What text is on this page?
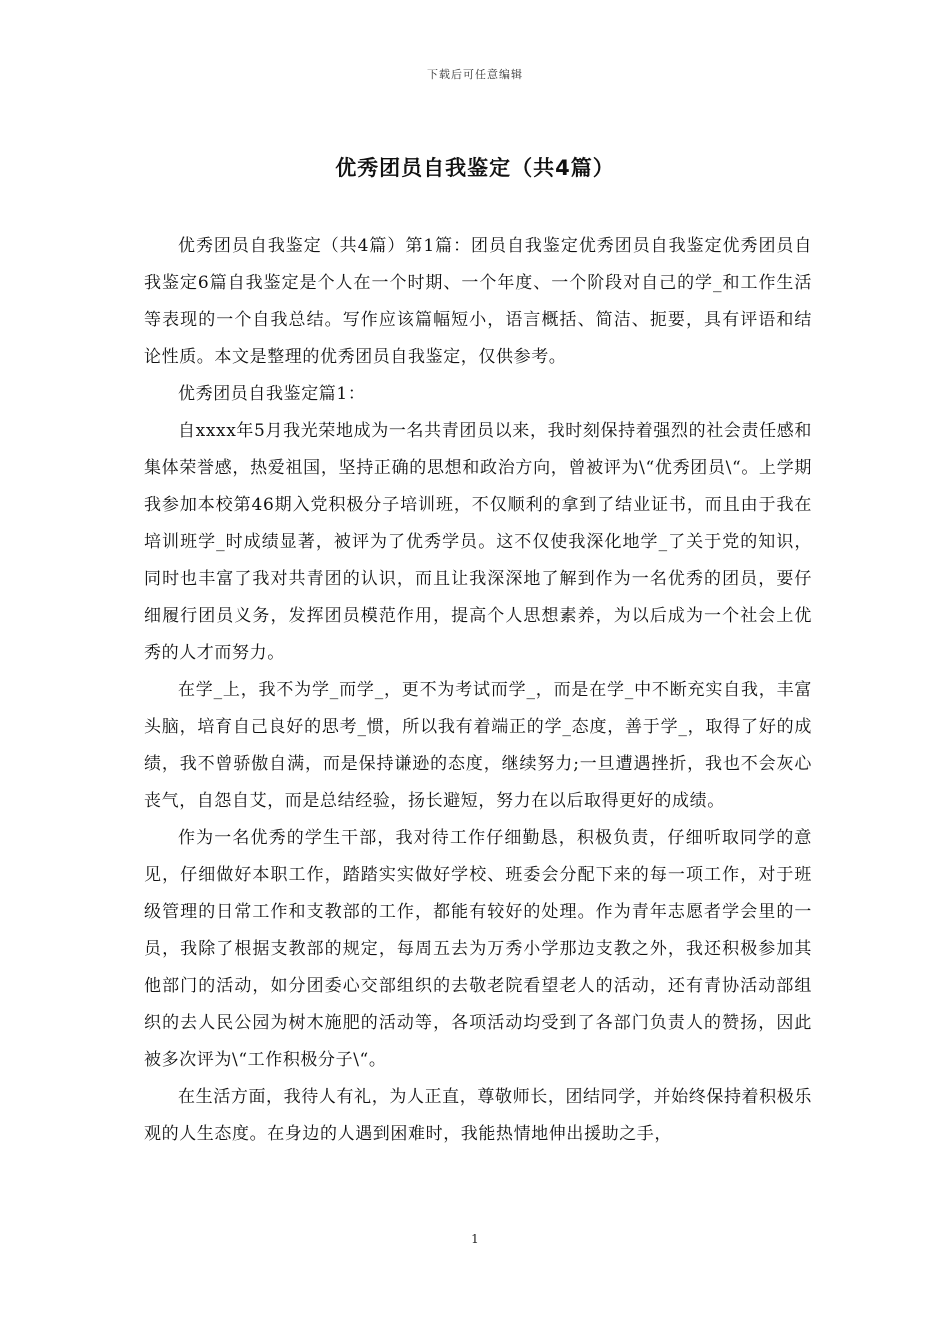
下载后可任意编辑
优秀团员自我鉴定（共4篇）

优秀团员自我鉴定（共4篇）第1篇：团员自我鉴定优秀团员自我鉴定优秀团员自我鉴定6篇自我鉴定是个人在一个时期、一个年度、一个阶段对自己的学_和工作生活等表现的一个自我总结。写作应该篇幅短小，语言概括、简洁、扼要，具有评语和结论性质。本文是整理的优秀团员自我鉴定，仅供参考。

优秀团员自我鉴定篇1：

自xxxx年5月我光荣地成为一名共青团员以来，我时刻保持着强烈的社会责任感和集体荣誉感，热爱祖国，坚持正确的思想和政治方向，曾被评为\“优秀团员\“。上学期我参加本校第46期入党积极分子培训班，不仅顺利的拿到了结业证书，而且由于我在培训班学_时成绩显著，被评为了优秀学员。这不仅使我深化地学_了关于党的知识，同时也丰富了我对共青团的认识，而且让我深深地了解到作为一名优秀的团员，要仔细履行团员义务，发挥团员模范作用，提高个人思想素养，为以后成为一个社会上优秀的人才而努力。

在学_上，我不为学_而学_，更不为考试而学_，而是在学_中不断充实自我，丰富头脑，培育自己良好的思考_惯，所以我有着端正的学_态度，善于学_，取得了好的成绩，我不曾骄傲自满，而是保持谦逊的态度，继续努力;一旦遭遇挫折，我也不会灰心丧气，自怨自艾，而是总结经验，扬长避短，努力在以后取得更好的成绩。

作为一名优秀的学生干部，我对待工作仔细勤恳，积极负责，仔细听取同学的意见，仔细做好本职工作，踏踏实实做好学校、班委会分配下来的每一项工作，对于班级管理的日常工作和支教部的工作，都能有较好的处理。作为青年志愿者学会里的一员，我除了根据支教部的规定，每周五去为万秀小学那边支教之外，我还积极参加其他部门的活动，如分团委心交部组织的去敬老院看望老人的活动，还有青协活动部组织的去人民公园为树木施肥的活动等，各项活动均受到了各部门负责人的赞扬，因此被多次评为\“工作积极分子\“。

在生活方面，我待人有礼，为人正直，尊敬师长，团结同学，并始终保持着积极乐观的人生态度。在身边的人遇到困难时，我能热情地伸出援助之手，

1
